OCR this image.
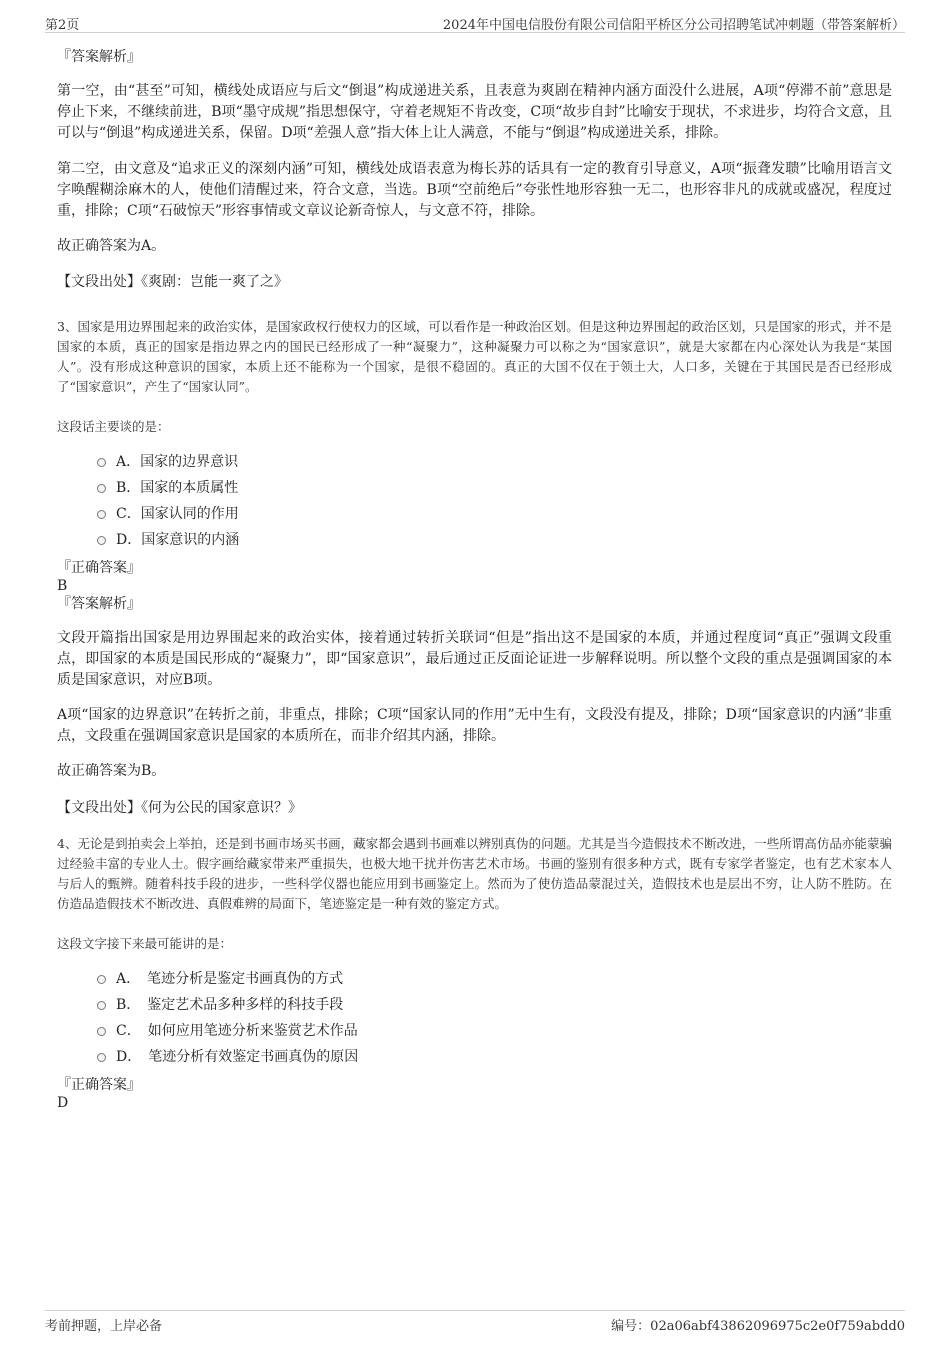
第2页	2024年中国电信股份有限公司信阳平桥区分公司招聘笔试冲刺题（带答案解析）

『答案解析』

第一空，由“甚至”可知，横线处成语应与后文“倒退”构成递进关系，且表意为爽剧在精神内涵方面没什么进展，A项“停滞不前”意思是停止下来，不继续前进，B项“墨守成规”指思想保守，守着老规矩不肯改变，C项“故步自封”比喻安于现状，不求进步，均符合文意，且可以与“倒退”构成递进关系，保留。D项“差强人意”指大体上让人满意，不能与“倒退”构成递进关系，排除。

第二空，由文意及“追求正义的深刻内涵”可知，横线处成语表意为梅长苏的话具有一定的教育引导意义，A项“振聋发聩”比喻用语言文字唤醒糊涂麻木的人，使他们清醒过来，符合文意，当选。B项“空前绝后”夸张性地形容独一无二，也形容非凡的成就或盛况，程度过重，排除；C项“石破惊天”形容事情或文章议论新奇惊人，与文意不符，排除。

故正确答案为A。

【文段出处】《爽剧：岂能一爽了之》

3、国家是用边界围起来的政治实体，是国家政权行使权力的区域，可以看作是一种政治区划。但是这种边界围起的政治区划，只是国家的形式，并不是国家的本质，真正的国家是指边界之内的国民已经形成了一种“凝聚力”，这种凝聚力可以称之为“国家意识”，就是大家都在内心深处认为我是“某国人”。没有形成这种意识的国家，本质上还不能称为一个国家，是很不稳固的。真正的大国不仅在于领土大，人口多，关键在于其国民是否已经形成了“国家意识”，产生了“国家认同”。

这段话主要谈的是：

A．国家的边界意识
B．国家的本质属性
C．国家认同的作用
D．国家意识的内涵

『正确答案』

B

『答案解析』

文段开篇指出国家是用边界围起来的政治实体，接着通过转折关联词“但是”指出这不是国家的本质，并通过程度词“真正”强调文段重点，即国家的本质是国民形成的“凝聚力”，即“国家意识”，最后通过正反面论证进一步解释说明。所以整个文段的重点是强调国家的本质是国家意识，对应B项。

A项“国家的边界意识”在转折之前，非重点，排除；C项“国家认同的作用”无中生有，文段没有提及，排除；D项“国家意识的内涵”非重点，文段重在强调国家意识是国家的本质所在，而非介绍其内涵，排除。

故正确答案为B。

【文段出处】《何为公民的国家意识？》

4、无论是到拍卖会上举拍，还是到书画市场买书画，藏家都会遇到书画难以辨别真伪的问题。尤其是当今造假技术不断改进，一些所谓高仿品亦能蒙骗过经验丰富的专业人士。假字画给藏家带来严重损失，也极大地干扰并伤害艺术市场。书画的鉴别有很多种方式，既有专家学者鉴定，也有艺术家本人与后人的甄辨。随着科技手段的进步，一些科学仪器也能应用到书画鉴定上。然而为了使仿造品蒙混过关，造假技术也是层出不穷，让人防不胜防。在仿造品造假技术不断改进、真假难辨的局面下，笔迹鉴定是一种有效的鉴定方式。

这段文字接下来最可能讲的是：

A．　笔迹分析是鉴定书画真伪的方式
B．　鉴定艺术品多种多样的科技手段
C．　如何应用笔迹分析来鉴赏艺术作品
D．　笔迹分析有效鉴定书画真伪的原因

『正确答案』

D

考前押题，上岸必备	编号：02a06abf43862096975c2e0f759abdd0
